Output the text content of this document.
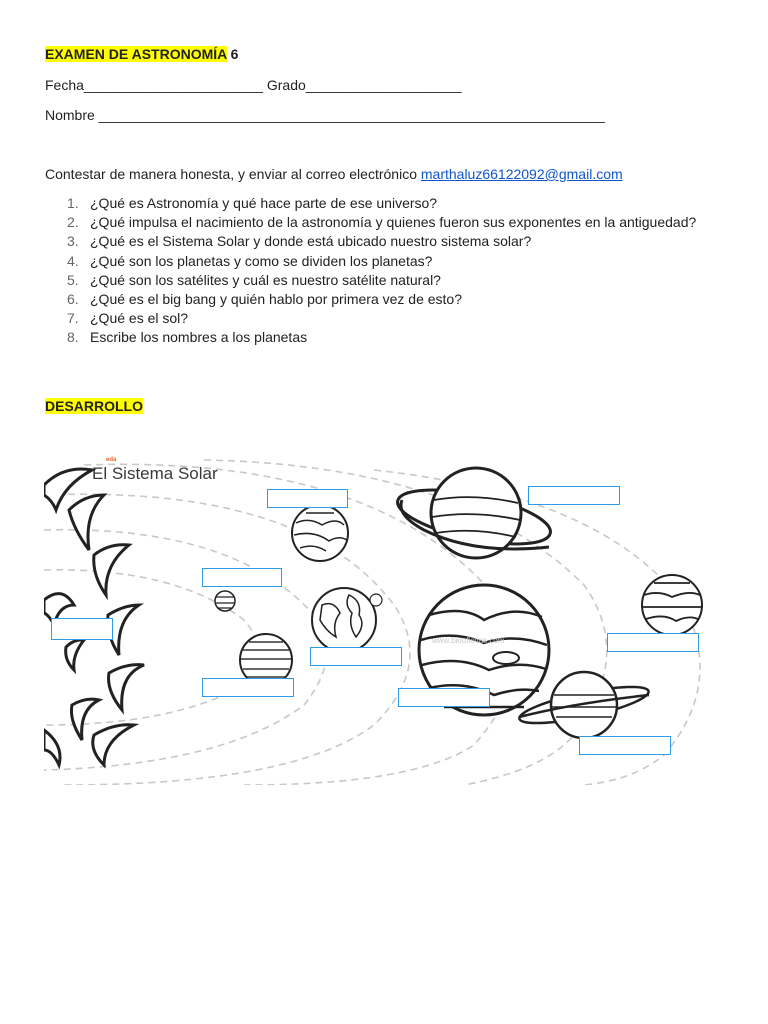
EXAMEN DE ASTRONOMÍA 6
Fecha_______________________ Grado____________________
Nombre _________________________________________________________________
Contestar de manera honesta, y enviar al correo electrónico marthaluz66122092@gmail.com
1. ¿Qué es Astronomía y qué hace parte de ese universo?
2. ¿Qué impulsa el nacimiento de la astronomía y quienes fueron sus exponentes en la antiguedad?
3. ¿Qué es el Sistema Solar y donde está ubicado nuestro sistema solar?
4. ¿Qué son los planetas y como se dividen los planetas?
5. ¿Qué son los satélites y cuál es nuestro satélite natural?
6. ¿Qué es el big bang y quién hablo por primera vez de esto?
7. ¿Qué es el sol?
8. Escribe los nombres a los planetas
DESARROLLO
El Sistema Solar
eda
www.bioufichas.com
